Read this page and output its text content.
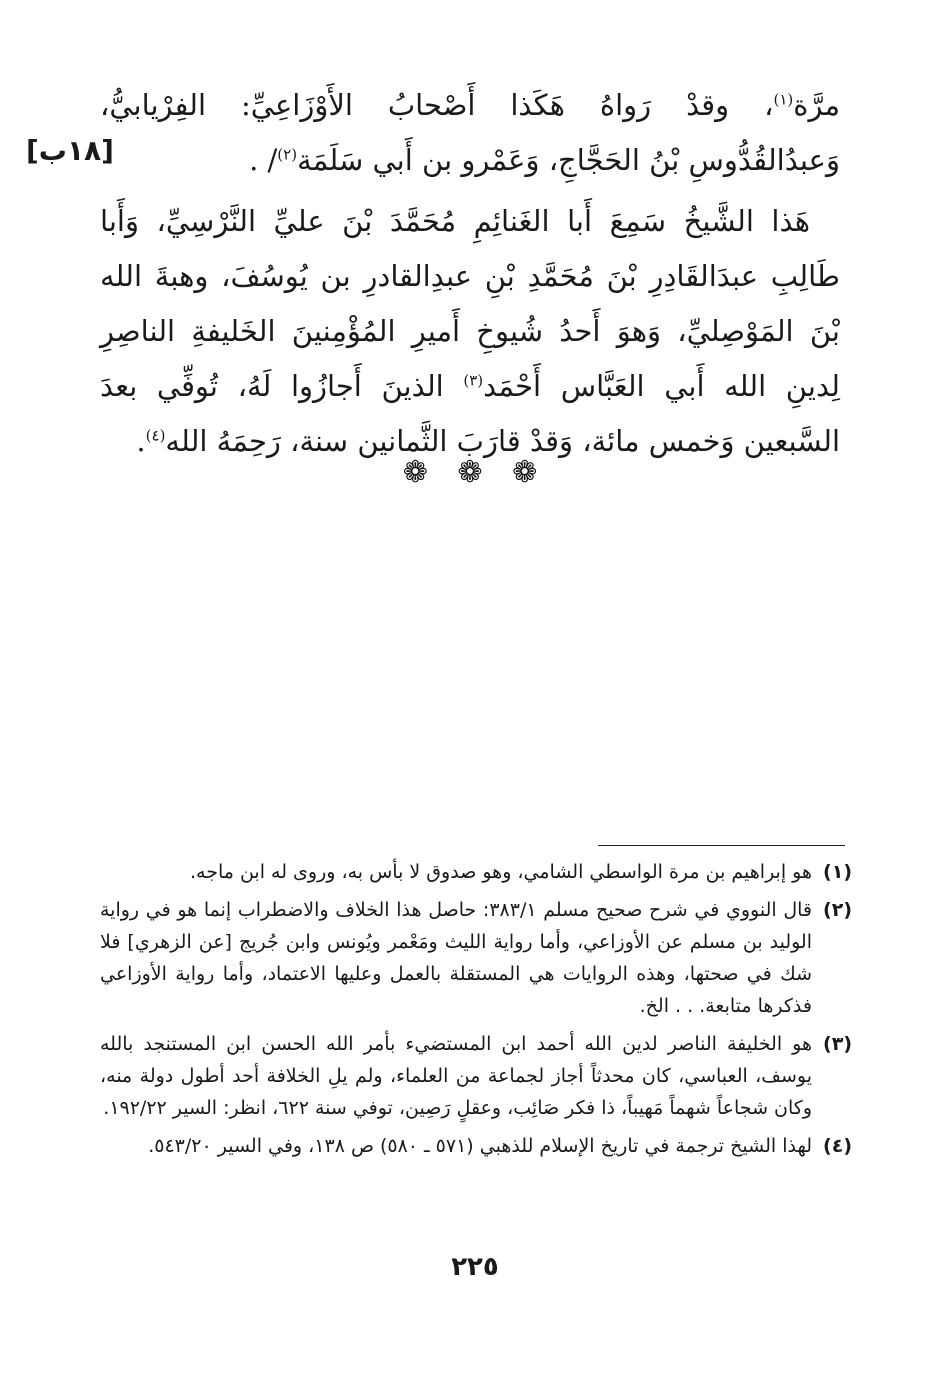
[١٨ب]

مرَّة$^{(١)}$، وقدْ رَواهُ هَكَذا أَصْحابُ الأَوْزَاعِيِّ: الفِرْيابيُّ، وَعبدُالقُدُّوسِ بْنُ الحَجَّاجِ، وَعَمْرو بن أَبي سَلَمَة$^{(٢)}$/ .

هَذا الشَّيخُ سَمِعَ أَبا الغَنائِمِ مُحَمَّدَ بْنَ عليِّ النَّرْسِيِّ، وَأَبا طَالِبِ عبدَالقَادِرِ بْنَ مُحَمَّدِ بْنِ عبدِالقادرِ بن يُوسُفَ، وهبةَ الله بْنَ المَوْصِليِّ، وَهوَ أَحدُ شُيوخِ أَميرِ المُؤْمِنينَ الخَليفةِ الناصِرِ لِدينِ الله أَبي العَبَّاس أَحْمَد$^{(٣)}$ الذينَ أَجازُوا لَهُ، تُوفِّي بعدَ السَّبعين وَخمس مائة، وَقدْ قارَبَ الثَّمانين سنة، رَحِمَهُ الله$^{(٤)}$.

❁ ❁ ❁
(١)
هو إبراهيم بن مرة الواسطي الشامي، وهو صدوق لا بأس به، وروى له ابن ماجه.
(٢)
قال النووي في شرح صحيح مسلم ٣٨٣/١: حاصل هذا الخلاف والاضطراب إنما هو في رواية الوليد بن مسلم عن الأوزاعي، وأما رواية الليث ومَعْمر ويُونس وابن جُريج [عن الزهري] فلا شك في صحتها، وهذه الروايات هي المستقلة بالعمل وعليها الاعتماد، وأما رواية الأوزاعي فذكرها متابعة. . . الخ.
(٣)
هو الخليفة الناصر لدين الله أحمد ابن المستضيء بأمر الله الحسن ابن المستنجد بالله يوسف، العباسي، كان محدثاً أجاز لجماعة من العلماء، ولم يلِ الخلافة أحد أطول دولة منه، وكان شجاعاً شهماً مَهيباً، ذا فكر صَائِب، وعقلٍ رَصِين، توفي سنة ٦٢٢، انظر: السير ١٩٢/٢٢.
(٤)
لهذا الشيخ ترجمة في تاريخ الإسلام للذهبي (٥٧١ ـ ٥٨٠) ص ١٣٨، وفي السير ٥٤٣/٢٠.
٢٢٥
